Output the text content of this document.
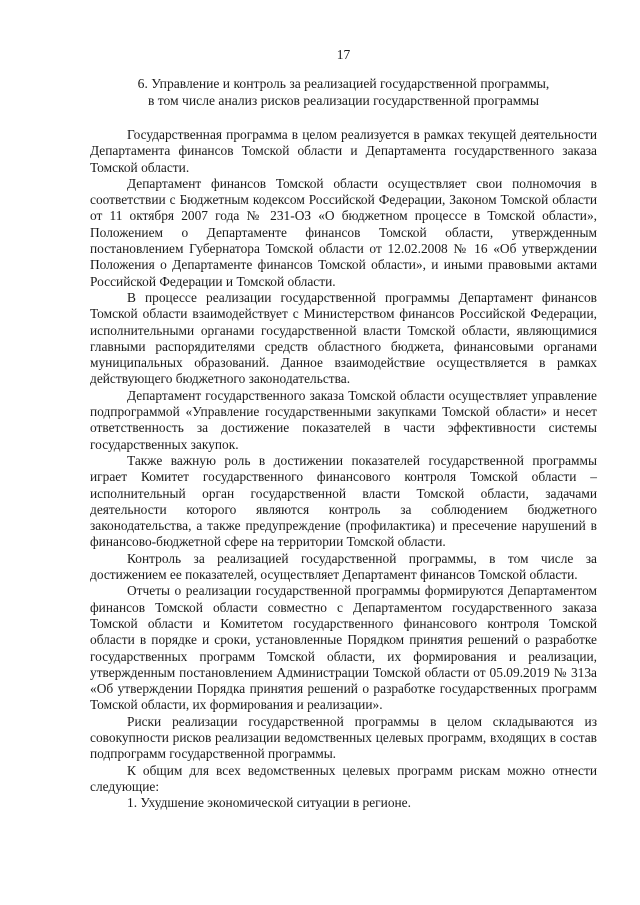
17
6. Управление и контроль за реализацией государственной программы,
в том числе анализ рисков реализации государственной программы

Государственная программа в целом реализуется в рамках текущей деятельности Департамента финансов Томской области и Департамента государственного заказа Томской области.

Департамент финансов Томской области осуществляет свои полномочия в соответствии с Бюджетным кодексом Российской Федерации, Законом Томской области от 11 октября 2007 года № 231-ОЗ «О бюджетном процессе в Томской области», Положением о Департаменте финансов Томской области, утвержденным постановлением Губернатора Томской области от 12.02.2008 № 16 «Об утверждении Положения о Департаменте финансов Томской области», и иными правовыми актами Российской Федерации и Томской области.

В процессе реализации государственной программы Департамент финансов Томской области взаимодействует с Министерством финансов Российской Федерации, исполнительными органами государственной власти Томской области, являющимися главными распорядителями средств областного бюджета, финансовыми органами муниципальных образований. Данное взаимодействие осуществляется в рамках действующего бюджетного законодательства.

Департамент государственного заказа Томской области осуществляет управление подпрограммой «Управление государственными закупками Томской области» и несет ответственность за достижение показателей в части эффективности системы государственных закупок.

Также важную роль в достижении показателей государственной программы играет Комитет государственного финансового контроля Томской области – исполнительный орган государственной власти Томской области, задачами деятельности которого являются контроль за соблюдением бюджетного законодательства, а также предупреждение (профилактика) и пресечение нарушений в финансово-бюджетной сфере на территории Томской области.

Контроль за реализацией государственной программы, в том числе за достижением ее показателей, осуществляет Департамент финансов Томской области.

Отчеты о реализации государственной программы формируются Департаментом финансов Томской области совместно с Департаментом государственного заказа Томской области и Комитетом государственного финансового контроля Томской области в порядке и сроки, установленные Порядком принятия решений о разработке государственных программ Томской области, их формирования и реализации, утвержденным постановлением Администрации Томской области от 05.09.2019 № 313а «Об утверждении Порядка принятия решений о разработке государственных программ Томской области, их формирования и реализации».

Риски реализации государственной программы в целом складываются из совокупности рисков реализации ведомственных целевых программ, входящих в состав подпрограмм государственной программы.

К общим для всех ведомственных целевых программ рискам можно отнести следующие:

1. Ухудшение экономической ситуации в регионе.
